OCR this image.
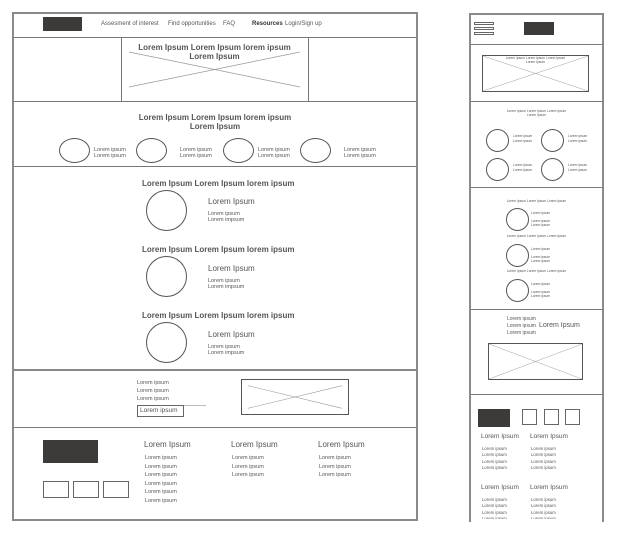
Assesment of interest Find opportunities FAQ	Resources Login/Sign up
Lorem Ipsum Lorem Ipsum lorem ipsum
Lorem Ipsum
Lorem Ipsum Lorem Ipsum lorem ipsum
Lorem Ipsum
Lorem ipsum
Lorem ipsum
Lorem ipsum
Lorem ipsum
Lorem ipsum
Lorem ipsum
Lorem ipsum
Lorem ipsum
Lorem Ipsum Lorem Ipsum lorem ipsum
Lorem Ipsum
Lorem ipsum
Lorem impsum
Lorem Ipsum Lorem Ipsum lorem ipsum
Lorem Ipsum
Lorem ipsum
Lorem impsum
Lorem Ipsum Lorem Ipsum lorem ipsum
Lorem Ipsum
Lorem ipsum
Lorem impsum
Lorem ipsum
Lorem ipsum
Lorem ipsum
Lorem ipsum
Lorem Ipsum
Lorem ipsum
Lorem ipsum
Lorem ipsum
Lorem ipsum
Lorem ipsum
Lorem ipsum
Lorem Ipsum
Lorem ipsum
Lorem ipsum
Lorem ipsum
Lorem Ipsum
Lorem ipsum
Lorem ipsum
Lorem ipsum
Lorem Ipsum Lorem Ipsum Lorem Ipsum
Lorem Ipsum
Lorem Ipsum Lorem Ipsum Lorem Ipsum
Lorem Ipsum
Lorem Ipsum
Lorem ipsum
Lorem Ipsum
Lorem ipsum
Lorem Ipsum
Lorem ipsum
Lorem Ipsum
Lorem ipsum
Lorem Ipsum Lorem Ipsum Lorem Ipsum
Lorem Ipsum
Lorem ipsum
Lorem ipsum
Lorem Ipsum Lorem Ipsum Lorem Ipsum
Lorem Ipsum
Lorem ipsum
Lorem ipsum
Lorem Ipsum Lorem Ipsum Lorem Ipsum
Lorem Ipsum
Lorem ipsum
Lorem ipsum
Lorem ipsum
Lorem ipsum
Lorem ipsum
Lorem Ipsum
Lorem Ipsum Lorem Ipsum
Lorem ipsum
Lorem ipsum
Lorem ipsum
Lorem ipsum
Lorem ipsum
Lorem ipsum
Lorem ipsum
Lorem ipsum
Lorem Ipsum Lorem Ipsum
Lorem ipsum
Lorem ipsum
Lorem ipsum

Lorem ipsum
Lorem ipsum
Lorem ipsum
